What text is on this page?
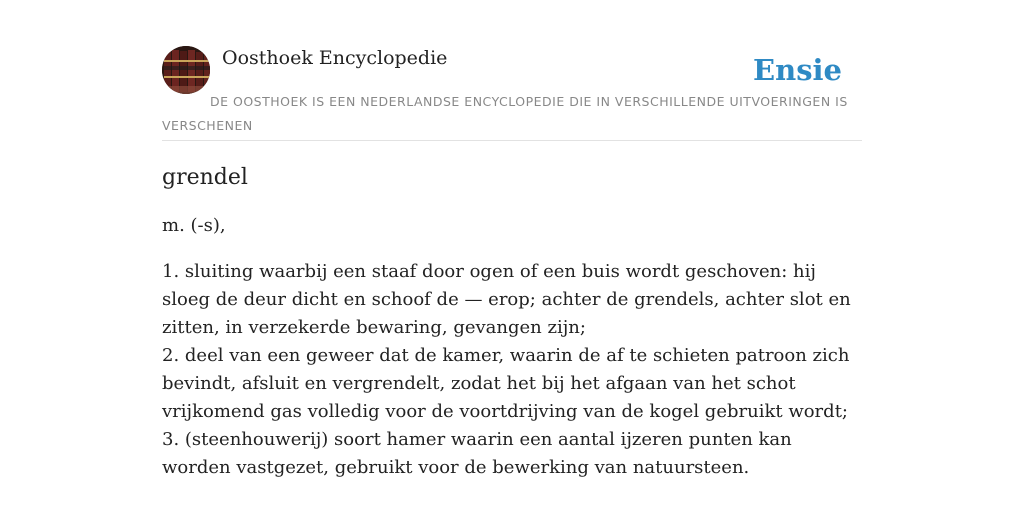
Oosthoek Encyclopedie	Ensie
DE OOSTHOEK IS EEN NEDERLANDSE ENCYCLOPEDIE DIE IN VERSCHILLENDE UITVOERINGEN IS VERSCHENEN
grendel

m. (-s),

1. sluiting waarbij een staaf door ogen of een buis wordt geschoven: hij sloeg de deur dicht en schoof de — erop; achter de grendels, achter slot en zitten, in verzekerde bewaring, gevangen zijn;
2. deel van een geweer dat de kamer, waarin de af te schieten patroon zich bevindt, afsluit en vergrendelt, zodat het bij het afgaan van het schot vrijkomend gas volledig voor de voortdrijving van de kogel gebruikt wordt;
3. (steenhouwerij) soort hamer waarin een aantal ijzeren punten kan worden vastgezet, gebruikt voor de bewerking van natuursteen.
